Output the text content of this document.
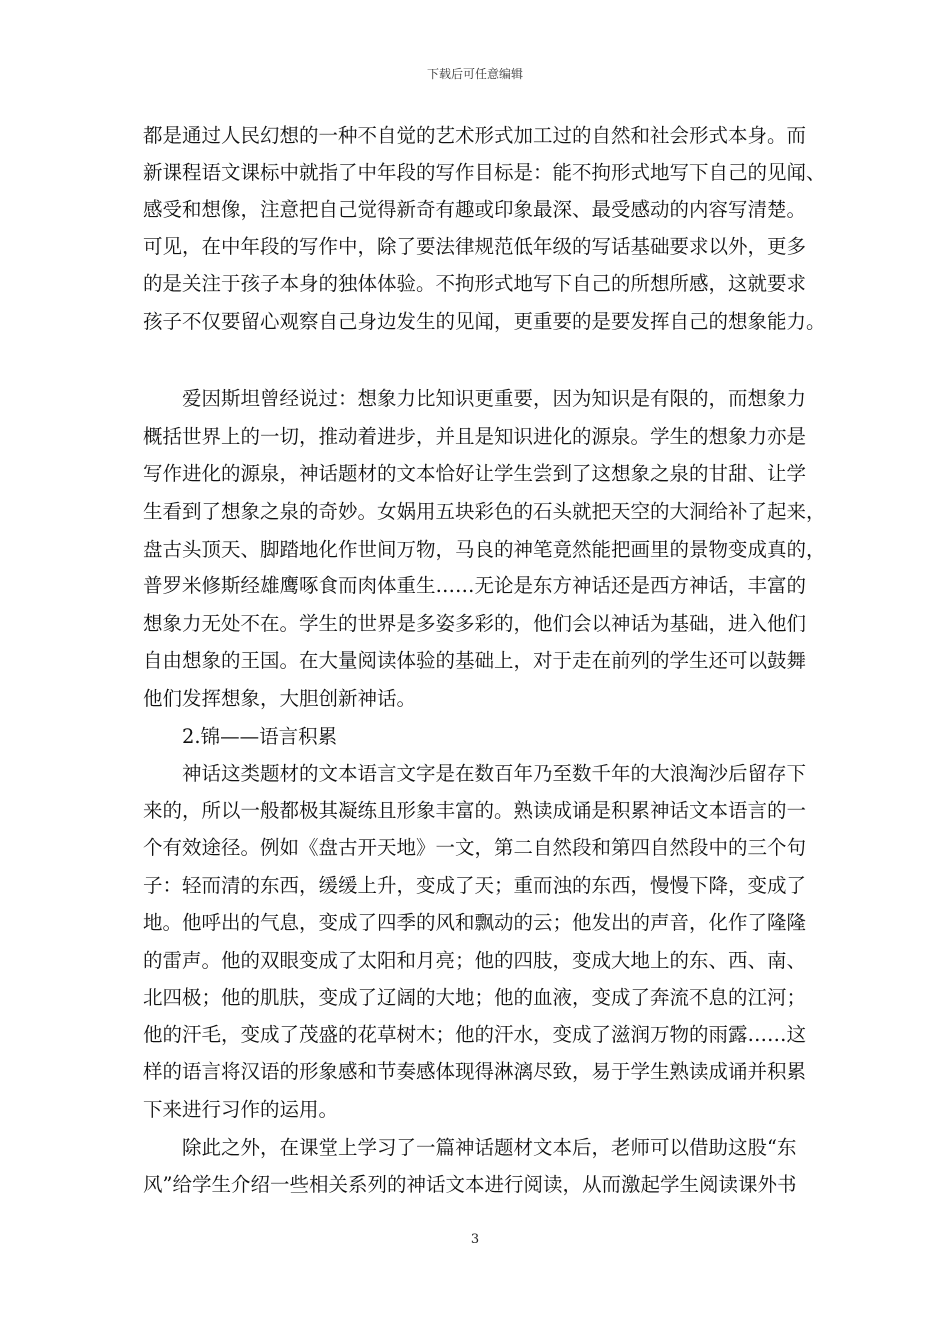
下载后可任意编辑
都是通过人民幻想的一种不自觉的艺术形式加工过的自然和社会形式本身。而
新课程语文课标中就指了中年段的写作目标是：能不拘形式地写下自己的见闻、
感受和想像，注意把自己觉得新奇有趣或印象最深、最受感动的内容写清楚。
可见，在中年段的写作中，除了要法律规范低年级的写话基础要求以外，更多
的是关注于孩子本身的独体体验。不拘形式地写下自己的所想所感，这就要求
孩子不仅要留心观察自己身边发生的见闻，更重要的是要发挥自己的想象能力。
爱因斯坦曾经说过：想象力比知识更重要，因为知识是有限的，而想象力
概括世界上的一切，推动着进步，并且是知识进化的源泉。学生的想象力亦是
写作进化的源泉，神话题材的文本恰好让学生尝到了这想象之泉的甘甜、让学
生看到了想象之泉的奇妙。女娲用五块彩色的石头就把天空的大洞给补了起来，
盘古头顶天、脚踏地化作世间万物，马良的神笔竟然能把画里的景物变成真的，
普罗米修斯经雄鹰啄食而肉体重生……无论是东方神话还是西方神话，丰富的
想象力无处不在。学生的世界是多姿多彩的，他们会以神话为基础，进入他们
自由想象的王国。在大量阅读体验的基础上，对于走在前列的学生还可以鼓舞
他们发挥想象，大胆创新神话。
2.锦——语言积累
神话这类题材的文本语言文字是在数百年乃至数千年的大浪淘沙后留存下
来的，所以一般都极其凝练且形象丰富的。熟读成诵是积累神话文本语言的一
个有效途径。例如《盘古开天地》一文，第二自然段和第四自然段中的三个句
子：轻而清的东西，缓缓上升，变成了天；重而浊的东西，慢慢下降，变成了
地。他呼出的气息，变成了四季的风和飘动的云；他发出的声音，化作了隆隆
的雷声。他的双眼变成了太阳和月亮；他的四肢，变成大地上的东、西、南、
北四极；他的肌肤，变成了辽阔的大地；他的血液，变成了奔流不息的江河；
他的汗毛，变成了茂盛的花草树木；他的汗水，变成了滋润万物的雨露……这
样的语言将汉语的形象感和节奏感体现得淋漓尽致，易于学生熟读成诵并积累
下来进行习作的运用。
除此之外，在课堂上学习了一篇神话题材文本后，老师可以借助这股“东
风”给学生介绍一些相关系列的神话文本进行阅读，从而激起学生阅读课外书
3
